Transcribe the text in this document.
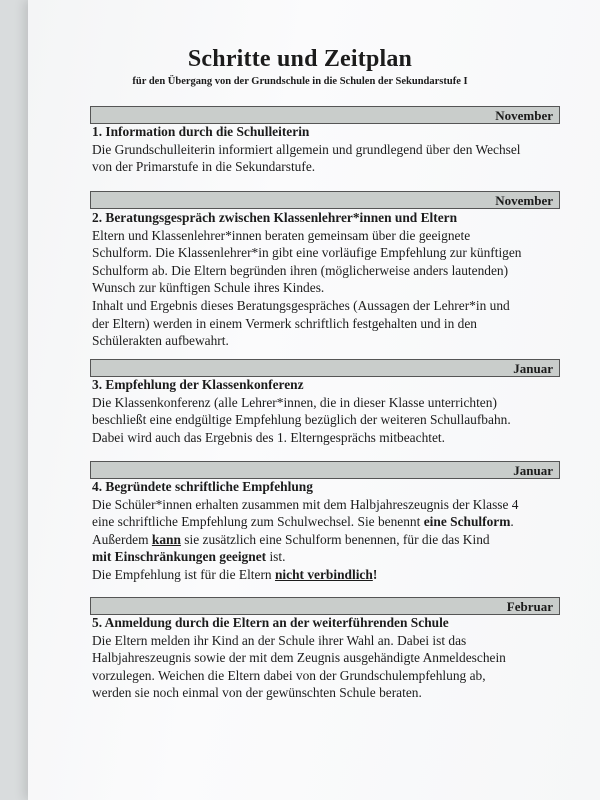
Schritte und Zeitplan
für den Übergang von der Grundschule in die Schulen der Sekundarstufe I
November
1. Information durch die Schulleiterin
Die Grundschulleiterin informiert allgemein und grundlegend über den Wechsel
von der Primarstufe in die Sekundarstufe.
November
2. Beratungsgespräch zwischen Klassenlehrer*innen und Eltern
Eltern und Klassenlehrer*innen beraten gemeinsam über die geeignete
Schulform. Die Klassenlehrer*in gibt eine vorläufige Empfehlung zur künftigen
Schulform ab. Die Eltern begründen ihren (möglicherweise anders lautenden)
Wunsch zur künftigen Schule ihres Kindes.
Inhalt und Ergebnis dieses Beratungsgespräches (Aussagen der Lehrer*in und
der Eltern) werden in einem Vermerk schriftlich festgehalten und in den
Schülerakten aufbewahrt.
Januar
3. Empfehlung der Klassenkonferenz
Die Klassenkonferenz (alle Lehrer*innen, die in dieser Klasse unterrichten)
beschließt eine endgültige Empfehlung bezüglich der weiteren Schullaufbahn.
Dabei wird auch das Ergebnis des 1. Elterngesprächs mitbeachtet.
Januar
4. Begründete schriftliche Empfehlung
Die Schüler*innen erhalten zusammen mit dem Halbjahreszeugnis der Klasse 4
eine schriftliche Empfehlung zum Schulwechsel. Sie benennt eine Schulform.
Außerdem kann sie zusätzlich eine Schulform benennen, für die das Kind
mit Einschränkungen geeignet ist.
Die Empfehlung ist für die Eltern nicht verbindlich!
Februar
5. Anmeldung durch die Eltern an der weiterführenden Schule
Die Eltern melden ihr Kind an der Schule ihrer Wahl an. Dabei ist das
Halbjahreszeugnis sowie der mit dem Zeugnis ausgehändigte Anmeldeschein
vorzulegen. Weichen die Eltern dabei von der Grundschulempfehlung ab,
werden sie noch einmal von der gewünschten Schule beraten.
